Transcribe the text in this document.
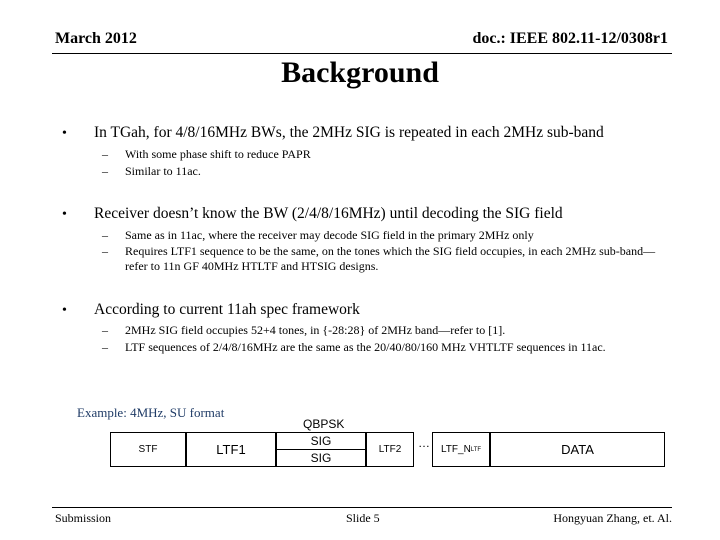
March 2012	doc.: IEEE 802.11-12/0308r1
Background
• In TGah, for 4/8/16MHz BWs, the 2MHz SIG is repeated in each 2MHz sub-band
– With some phase shift to reduce PAPR
– Similar to 11ac.
• Receiver doesn’t know the BW (2/4/8/16MHz) until decoding the SIG field
– Same as in 11ac, where the receiver may decode SIG field in the primary 2MHz only
– Requires LTF1 sequence to be the same, on the tones which the SIG field occupies, in each 2MHz sub-band—refer to 11n GF 40MHz HTLTF and HTSIG designs.
• According to current 11ah spec framework
– 2MHz SIG field occupies 52+4 tones, in {-28:28} of 2MHz band—refer to [1].
– LTF sequences of 2/4/8/16MHz are the same as the 20/40/80/160 MHz VHTLTF sequences in 11ac.
Example: 4MHz, SU format
QBPSK
STF	LTF1
SIG
SIG
LTF2 … LTF_N LTF	DATA
Submission	Slide 5	Hongyuan Zhang, et. Al.
